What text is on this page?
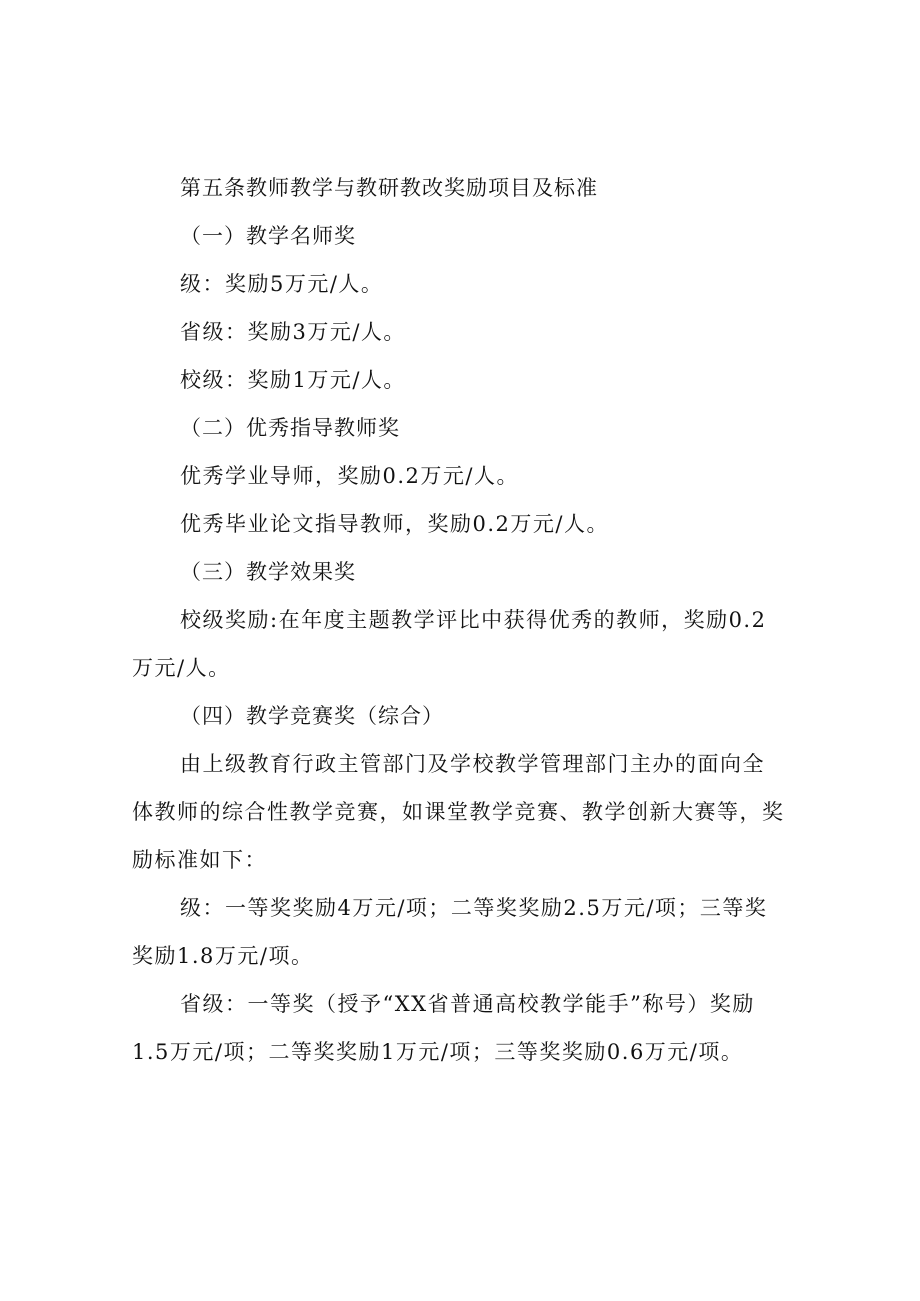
第五条教师教学与教研教改奖励项目及标准
（一）教学名师奖
级：奖励5万元/人。
省级：奖励3万元/人。
校级：奖励1万元/人。
（二）优秀指导教师奖
优秀学业导师，奖励0.2万元/人。
优秀毕业论文指导教师，奖励0.2万元/人。
（三）教学效果奖
校级奖励:在年度主题教学评比中获得优秀的教师，奖励0.2
万元/人。
（四）教学竞赛奖（综合）
由上级教育行政主管部门及学校教学管理部门主办的面向全
体教师的综合性教学竞赛，如课堂教学竞赛、教学创新大赛等，奖
励标准如下：
级：一等奖奖励4万元/项；二等奖奖励2.5万元/项；三等奖
奖励1.8万元/项。
省级：一等奖（授予“XX省普通高校教学能手”称号）奖励
1.5万元/项；二等奖奖励1万元/项；三等奖奖励0.6万元/项。
